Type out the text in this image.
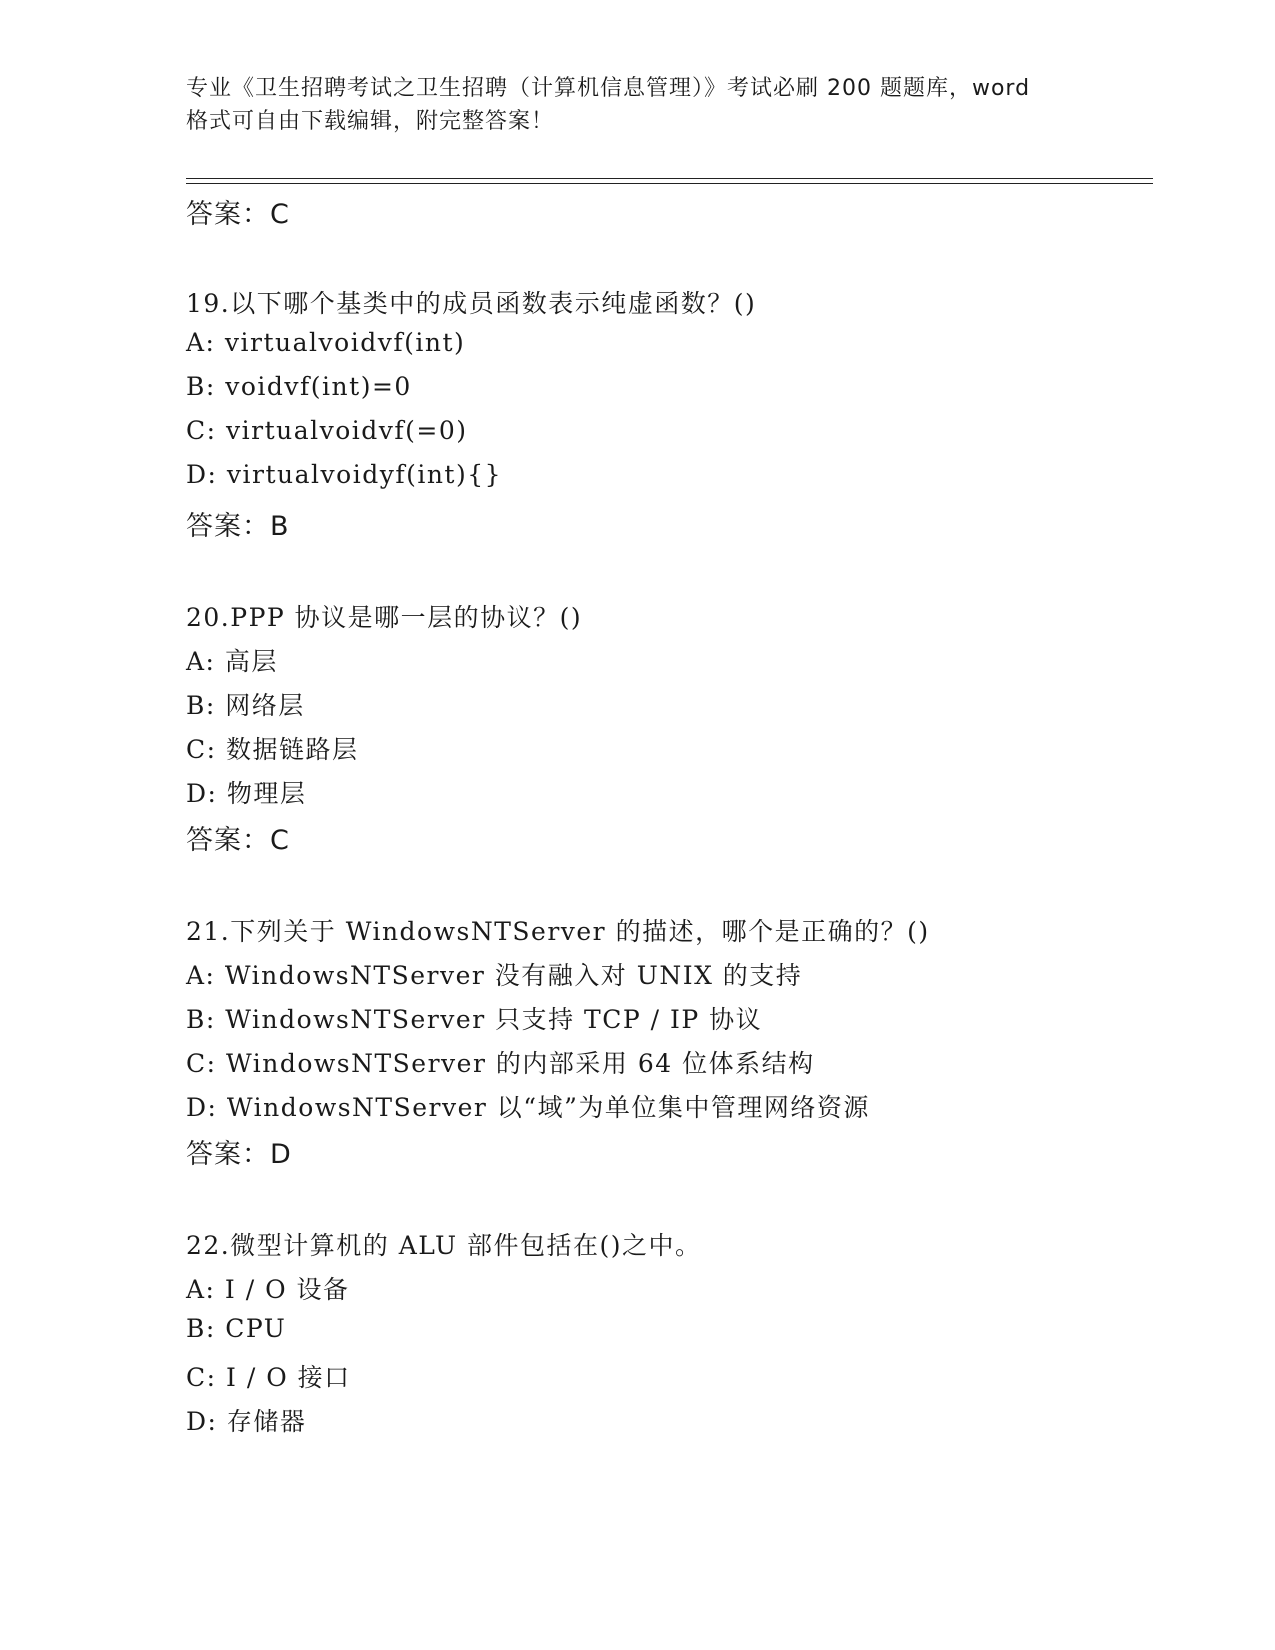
专业《卫生招聘考试之卫生招聘（计算机信息管理）》考试必刷 200 题题库，word
格式可自由下载编辑，附完整答案！
答案：C
19.以下哪个基类中的成员函数表示纯虚函数？()
A: virtualvoidvf(int)
B: voidvf(int)=0
C: virtualvoidvf(=0)
D: virtualvoidyf(int){}
答案：B
20.PPP 协议是哪一层的协议？()
A: 高层
B: 网络层
C: 数据链路层
D: 物理层
答案：C
21.下列关于 WindowsNTServer 的描述，哪个是正确的？()
A: WindowsNTServer 没有融入对 UNIX 的支持
B: WindowsNTServer 只支持 TCP / IP 协议
C: WindowsNTServer 的内部采用 64 位体系结构
D: WindowsNTServer 以“域”为单位集中管理网络资源
答案：D
22.微型计算机的 ALU 部件包括在()之中。
A: I / O 设备
B: CPU
C: I / O 接口
D: 存储器
